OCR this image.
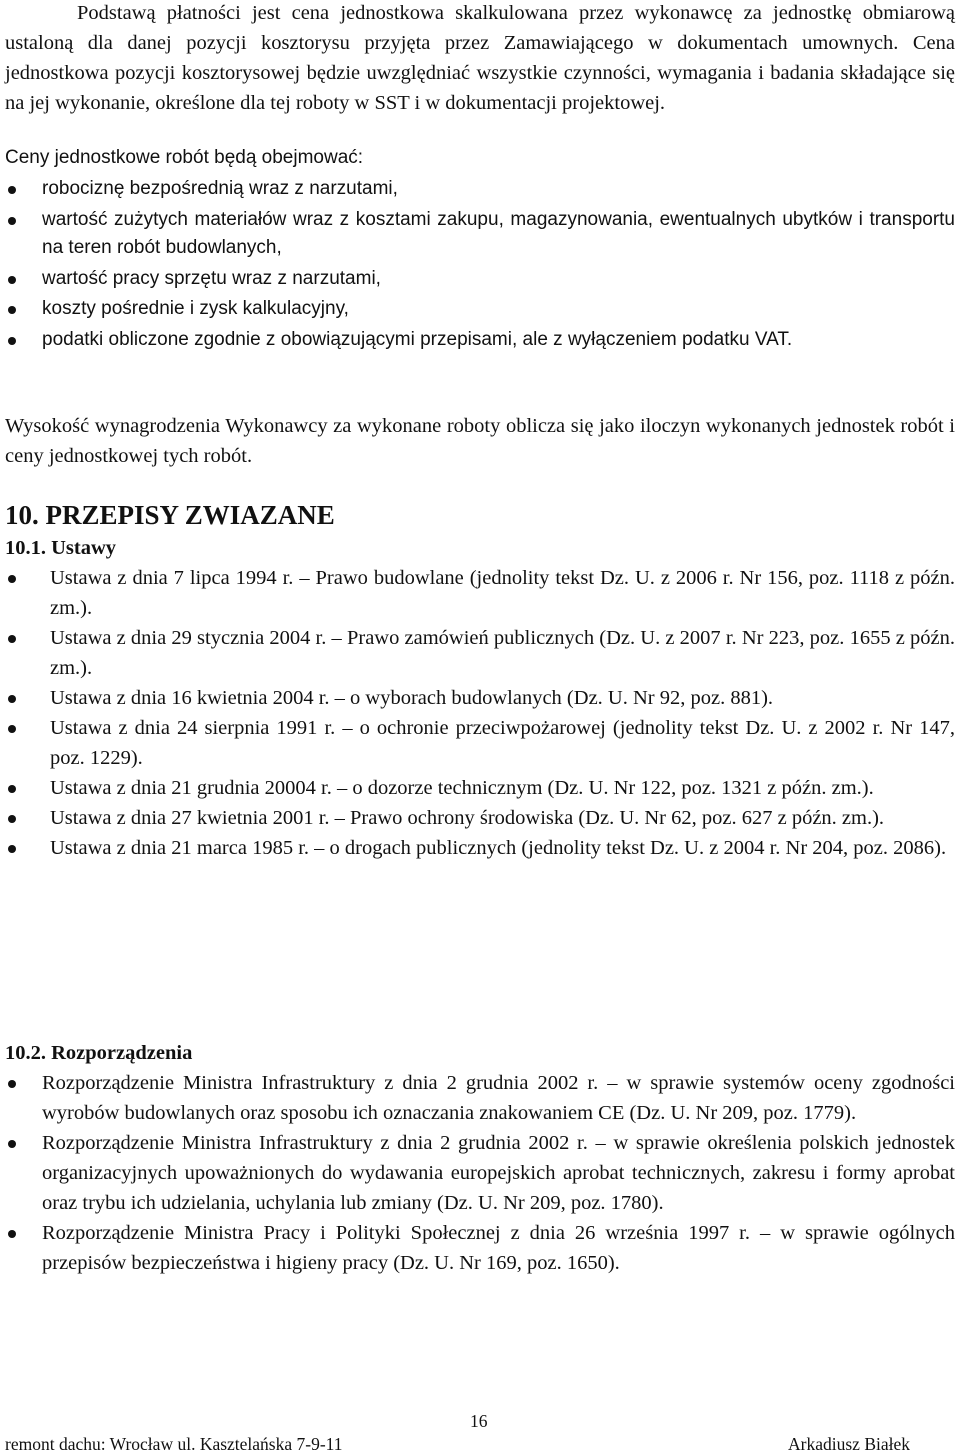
Podstawą płatności jest cena jednostkowa skalkulowana przez wykonawcę za jednostkę obmiarową ustaloną dla danej pozycji kosztorysu przyjęta przez Zamawiającego w dokumentach umownych. Cena jednostkowa pozycji kosztorysowej będzie uwzględniać wszystkie czynności, wymagania i badania składające się na jej wykonanie, określone dla tej roboty w SST i w dokumentacji projektowej.

Ceny jednostkowe robót będą obejmować:

robociznę bezpośrednią wraz z narzutami,
wartość zużytych materiałów wraz z kosztami zakupu, magazynowania, ewentualnych ubytków i transportu na teren robót budowlanych,
wartość pracy sprzętu wraz z narzutami,
koszty pośrednie i zysk kalkulacyjny,
podatki obliczone zgodnie z obowiązującymi przepisami, ale z wyłączeniem podatku VAT.

Wysokość wynagrodzenia Wykonawcy za wykonane roboty oblicza się jako iloczyn wykonanych jednostek robót i ceny jednostkowej tych robót.

10. PRZEPISY ZWIAZANE
10.1. Ustawy
Ustawa z dnia 7 lipca 1994 r. – Prawo budowlane (jednolity tekst Dz. U. z 2006 r. Nr 156, poz. 1118 z późn. zm.).
Ustawa z dnia 29 stycznia 2004 r. – Prawo zamówień publicznych (Dz. U. z 2007 r. Nr 223, poz. 1655 z późn. zm.).
Ustawa z dnia 16 kwietnia 2004 r. – o wyborach budowlanych (Dz. U. Nr 92, poz. 881).
Ustawa z dnia 24 sierpnia 1991 r. – o ochronie przeciwpożarowej (jednolity tekst Dz. U. z 2002 r. Nr 147, poz. 1229).
Ustawa z dnia 21 grudnia 20004 r. – o dozorze technicznym (Dz. U. Nr 122, poz. 1321 z późn. zm.).
Ustawa z dnia 27 kwietnia 2001 r. – Prawo ochrony środowiska (Dz. U. Nr 62, poz. 627 z późn. zm.).
Ustawa z dnia 21 marca 1985 r. – o drogach publicznych (jednolity tekst Dz. U. z 2004 r. Nr 204, poz. 2086).
10.2. Rozporządzenia
Rozporządzenie Ministra Infrastruktury z dnia 2 grudnia 2002 r. – w sprawie systemów oceny zgodności wyrobów budowlanych oraz sposobu ich oznaczania znakowaniem CE (Dz. U. Nr 209, poz. 1779).
Rozporządzenie Ministra Infrastruktury z dnia 2 grudnia 2002 r. – w sprawie określenia polskich jednostek organizacyjnych upoważnionych do wydawania europejskich aprobat technicznych, zakresu i formy aprobat oraz trybu ich udzielania, uchylania lub zmiany (Dz. U. Nr 209, poz. 1780).
Rozporządzenie Ministra Pracy i Polityki Społecznej z dnia 26 września 1997 r. – w sprawie ogólnych przepisów bezpieczeństwa i higieny pracy (Dz. U. Nr 169, poz. 1650).
16
remont dachu: Wrocław ul. Kasztelańska 7-9-11	Arkadiusz Białek
